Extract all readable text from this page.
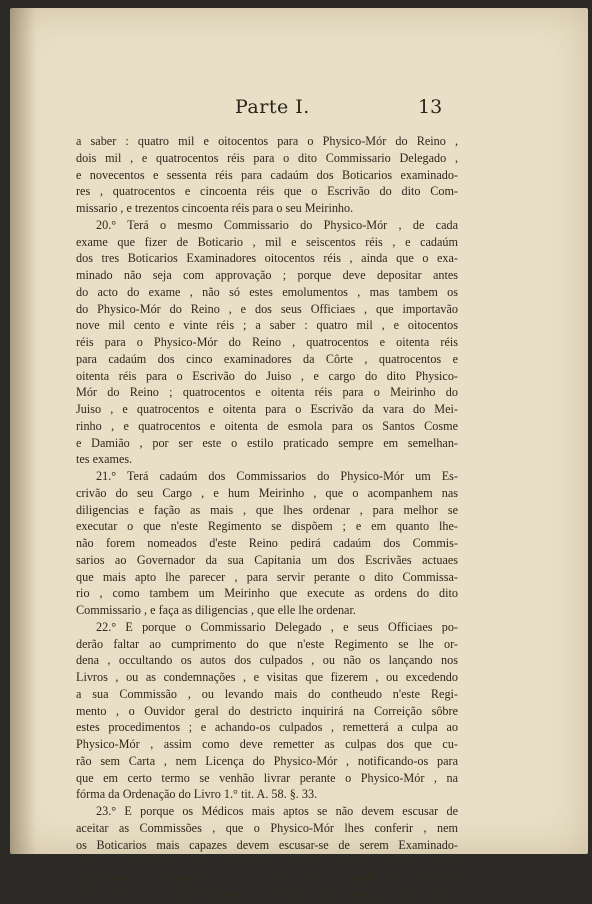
Parte I.	13
a saber : quatro mil e oitocentos para o Physico-Mór do Reino ,
dois mil , e quatrocentos réis para o dito Commissario Delegado ,
e novecentos e sessenta réis para cadaúm dos Boticarios examinado-
res , quatrocentos e cincoenta réis que o Escrivão do dito Com-
missario , e trezentos cincoenta réis para o seu Meirinho.
20.° Terá o mesmo Commissario do Physico-Mór , de cada
exame que fizer de Boticario , mil e seiscentos réis , e cadaúm
dos tres Boticarios Examinadores oitocentos réis , ainda que o exa-
minado não seja com approvação ; porque deve depositar antes
do acto do exame , não só estes emolumentos , mas tambem os
do Physico-Mór do Reino , e dos seus Officiaes , que importavão
nove mil cento e vinte réis ; a saber : quatro mil , e oitocentos
réis para o Physico-Mór do Reino , quatrocentos e oitenta réis
para cadaúm dos cinco examinadores da Côrte , quatrocentos e
oitenta réis para o Escrivão do Juiso , e cargo do dito Physico-
Mór do Reino ; quatrocentos e oitenta réis para o Meirinho do
Juiso , e quatrocentos e oitenta para o Escrivão da vara do Mei-
rinho , e quatrocentos e oitenta de esmola para os Santos Cosme
e Damião , por ser este o estilo praticado sempre em semelhan-
tes exames.
21.° Terá cadaúm dos Commissarios do Physico-Mór um Es-
crivão do seu Cargo , e hum Meirinho , que o acompanhem nas
diligencias e fação as mais , que lhes ordenar , para melhor se
executar o que n'este Regimento se dispõem ; e em quanto lhe-
não forem nomeados d'este Reino pedirá cadaúm dos Commis-
sarios ao Governador da sua Capitania um dos Escrivães actuaes
que mais apto lhe parecer , para servir perante o dito Commissa-
rio , como tambem um Meirinho que execute as ordens do dito
Commissario , e faça as diligencias , que elle lhe ordenar.
22.° E porque o Commissario Delegado , e seus Officiaes po-
derão faltar ao cumprimento do que n'este Regimento se lhe or-
dena , occultando os autos dos culpados , ou não os lançando nos
Livros , ou as condemnações , e visitas que fizerem , ou excedendo
a sua Commissão , ou levando mais do contheudo n'este Regi-
mento , o Ouvidor geral do destricto inquirirá na Correição sôbre
estes procedimentos ; e achando-os culpados , remetterá a culpa ao
Physico-Mór , assim como deve remetter as culpas dos que cu-
rão sem Carta , nem Licença do Physico-Mór , notificando-os para
que em certo termo se venhão livrar perante o Physico-Mór , na
fórma da Ordenação do Livro 1.° tit. A. 58. §. 33.
23.° E porque os Médicos mais aptos se não devem escusar de
aceitar as Commissões , que o Physico-Mór lhes conferir , nem
os Boticarios mais capazes devem escusar-se de serem Examinado-
res , e Visitadores dos Boticarios por ser um dos serviços mais
importantes na Republica , e o mais util á saude dos Vassallos
de S. M. que estas diligencias se fação pelas pessoas mais doutas
